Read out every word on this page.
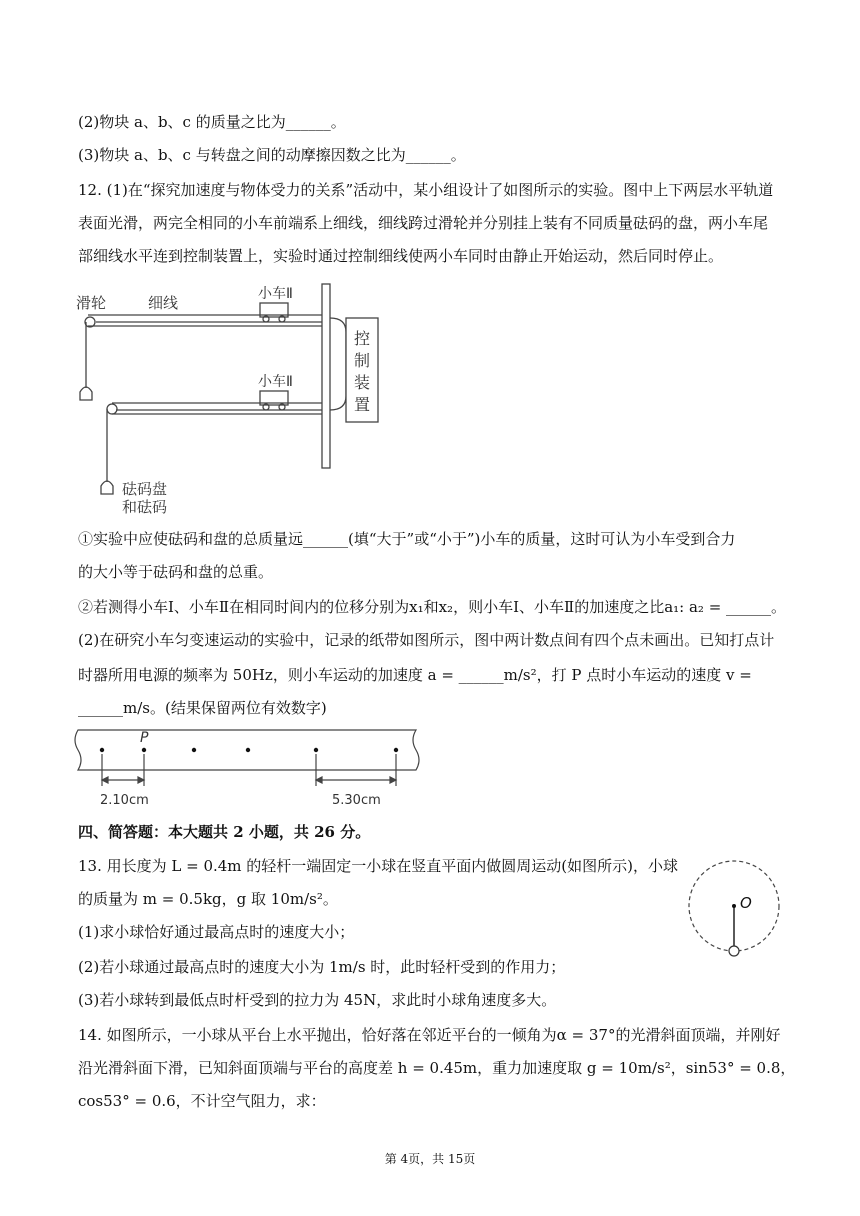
(2)物块 a、b、c 的质量之比为______。
(3)物块 a、b、c 与转盘之间的动摩擦因数之比为______。
12. (1)在“探究加速度与物体受力的关系”活动中，某小组设计了如图所示的实验。图中上下两层水平轨道
表面光滑，两完全相同的小车前端系上细线，细线跨过滑轮并分别挂上装有不同质量砝码的盘，两小车尾
部细线水平连到控制装置上，实验时通过控制细线使两小车同时由静止开始运动，然后同时停止。
滑轮	细线	小车Ⅱ
小车Ⅱ
控
制
装
置
砝码盘
和砝码
①实验中应使砝码和盘的总质量远______(填“大于”或“小于”)小车的质量，这时可认为小车受到合力
的大小等于砝码和盘的总重。
②若测得小车Ⅰ、小车Ⅱ在相同时间内的位移分别为x₁和x₂，则小车Ⅰ、小车Ⅱ的加速度之比a₁: a₂ = ______。
(2)在研究小车匀变速运动的实验中，记录的纸带如图所示，图中两计数点间有四个点未画出。已知打点计
时器所用电源的频率为 50Hz，则小车运动的加速度 a = ______m/s²，打 P 点时小车运动的速度 v =
______m/s。(结果保留两位有效数字)
P
2.10cm	5.30cm
四、简答题：本大题共 2 小题，共 26 分。
13. 用长度为 L = 0.4m 的轻杆一端固定一小球在竖直平面内做圆周运动(如图所示)，小球
的质量为 m = 0.5kg，g 取 10m/s²。
(1)求小球恰好通过最高点时的速度大小；
(2)若小球通过最高点时的速度大小为 1m/s 时，此时轻杆受到的作用力；
(3)若小球转到最低点时杆受到的拉力为 45N，求此时小球角速度多大。
O
14. 如图所示，一小球从平台上水平抛出，恰好落在邻近平台的一倾角为α = 37°的光滑斜面顶端，并刚好
沿光滑斜面下滑，已知斜面顶端与平台的高度差 h = 0.45m，重力加速度取 g = 10m/s²，sin53° = 0.8，
cos53° = 0.6，不计空气阻力，求：
第 4页，共 15页
